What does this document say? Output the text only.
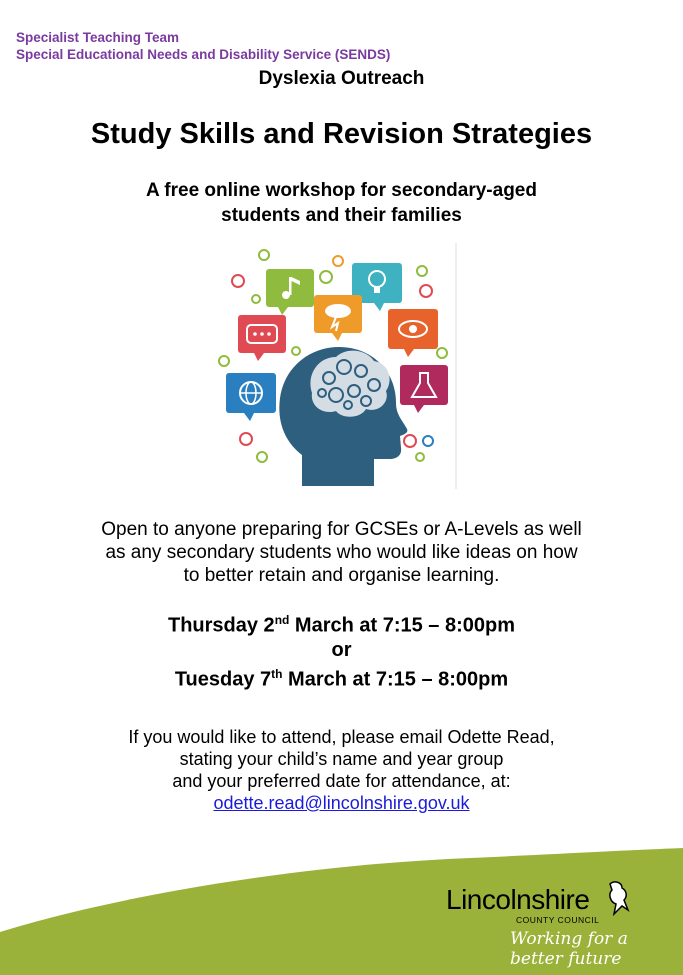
Specialist Teaching Team
Special Educational Needs and Disability Service (SENDS)
Dyslexia Outreach
Study Skills and Revision Strategies
A free online workshop for secondary-aged
students and their families
Open to anyone preparing for GCSEs or A-Levels as well
as any secondary students who would like ideas on how
to better retain and organise learning.
Thursday 2nd March at 7:15 – 8:00pm
or
Tuesday 7th March at 7:15 – 8:00pm
If you would like to attend, please email Odette Read,
stating your child’s name and year group
and your preferred date for attendance, at:
odette.read@lincolnshire.gov.uk
Lincolnshire
COUNTY COUNCIL
Working for a better future
